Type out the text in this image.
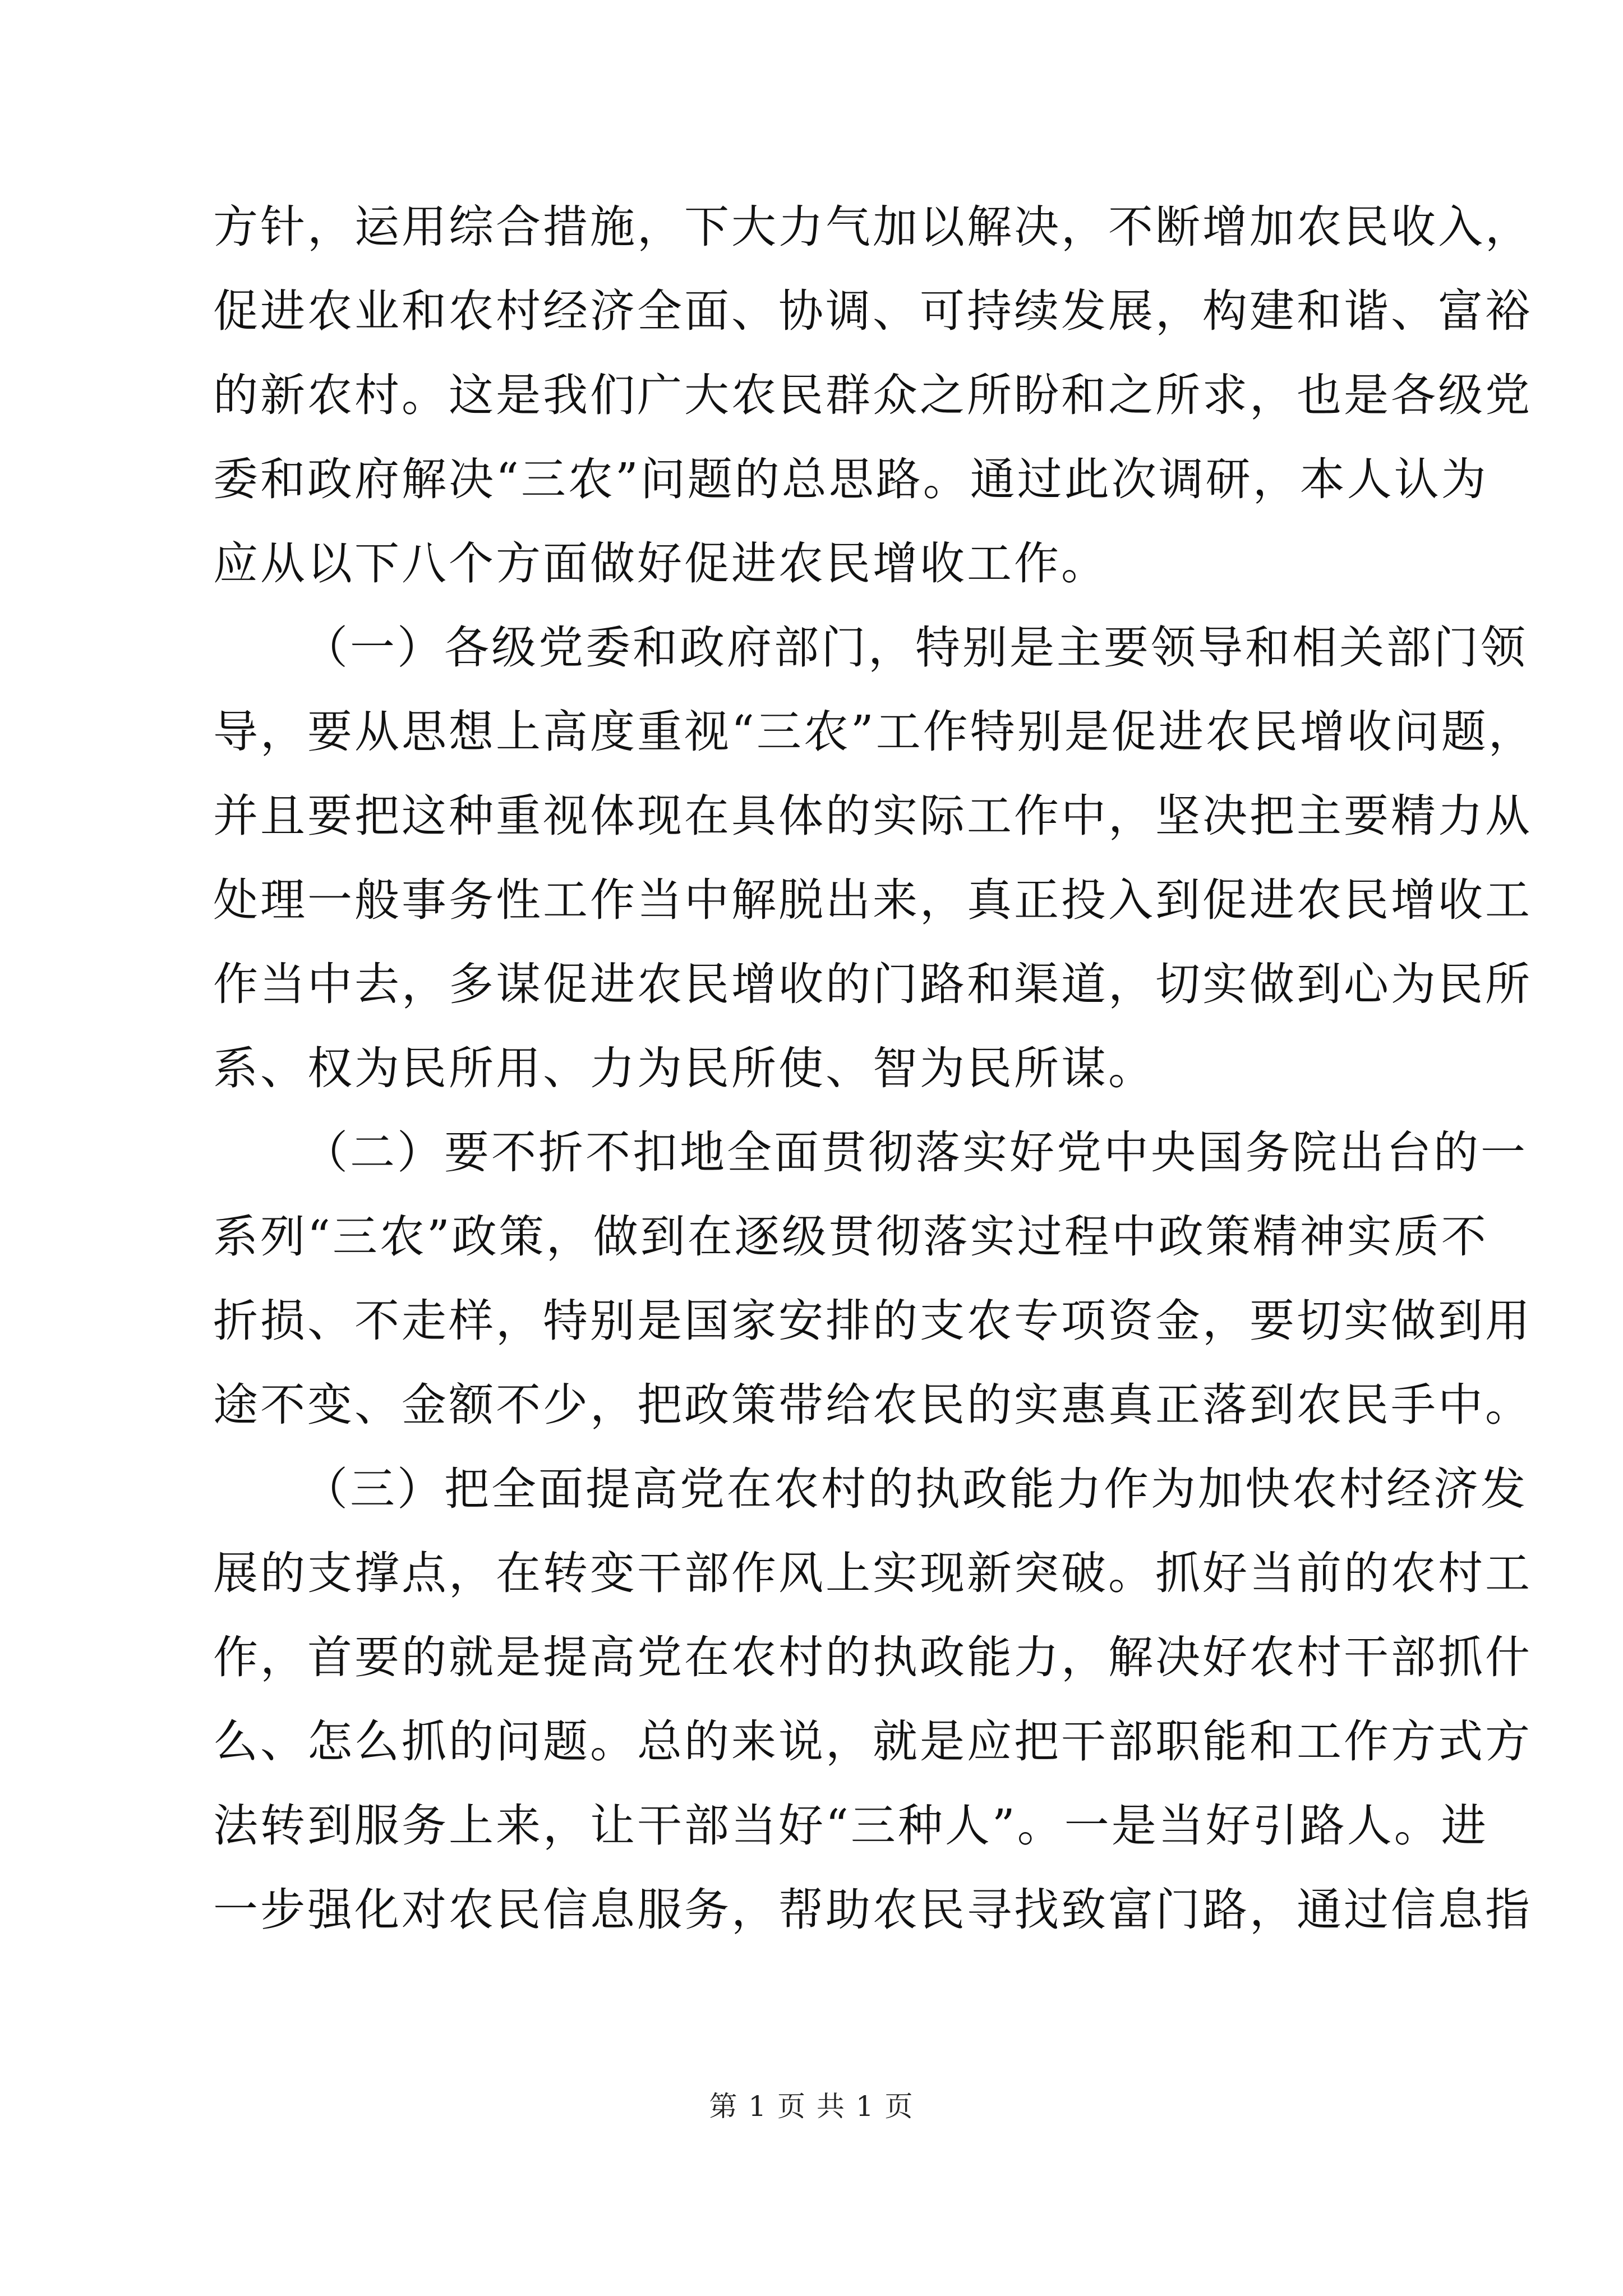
方针，运用综合措施，下大力气加以解决，不断增加农民收入，
促进农业和农村经济全面、协调、可持续发展，构建和谐、富裕
的新农村。这是我们广大农民群众之所盼和之所求，也是各级党
委和政府解决“三农”问题的总思路。通过此次调研，本人认为
应从以下八个方面做好促进农民增收工作。
（一）各级党委和政府部门，特别是主要领导和相关部门领
导，要从思想上高度重视“三农”工作特别是促进农民增收问题，
并且要把这种重视体现在具体的实际工作中，坚决把主要精力从
处理一般事务性工作当中解脱出来，真正投入到促进农民增收工
作当中去，多谋促进农民增收的门路和渠道，切实做到心为民所
系、权为民所用、力为民所使、智为民所谋。
（二）要不折不扣地全面贯彻落实好党中央国务院出台的一
系列“三农”政策，做到在逐级贯彻落实过程中政策精神实质不
折损、不走样，特别是国家安排的支农专项资金，要切实做到用
途不变、金额不少，把政策带给农民的实惠真正落到农民手中。
（三）把全面提高党在农村的执政能力作为加快农村经济发
展的支撑点，在转变干部作风上实现新突破。抓好当前的农村工
作，首要的就是提高党在农村的执政能力，解决好农村干部抓什
么、怎么抓的问题。总的来说，就是应把干部职能和工作方式方
法转到服务上来，让干部当好“三种人”。一是当好引路人。进
一步强化对农民信息服务，帮助农民寻找致富门路，通过信息指
第 1 页 共 1 页
